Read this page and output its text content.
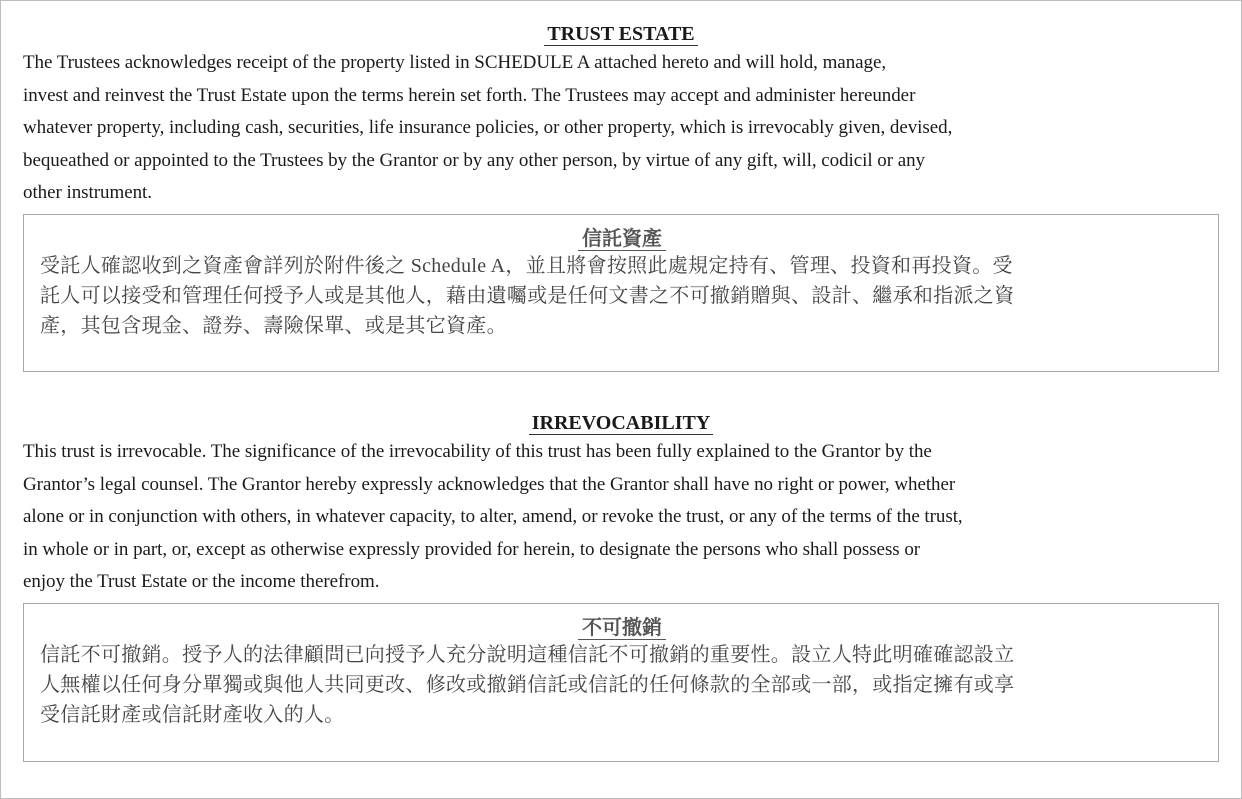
TRUST ESTATE

The Trustees acknowledges receipt of the property listed in SCHEDULE A attached hereto and will hold, manage,
invest and reinvest the Trust Estate upon the terms herein set forth. The Trustees may accept and administer hereunder
whatever property, including cash, securities, life insurance policies, or other property, which is irrevocably given, devised,
bequeathed or appointed to the Trustees by the Grantor or by any other person, by virtue of any gift, will, codicil or any
other instrument.

信託資產

受託人確認收到之資產會詳列於附件後之 Schedule A，並且將會按照此處規定持有、管理、投資和再投資。受
託人可以接受和管理任何授予人或是其他人，藉由遺囑或是任何文書之不可撤銷贈與、設計、繼承和指派之資
產，其包含現金、證券、壽險保單、或是其它資產。

IRREVOCABILITY

This trust is irrevocable. The significance of the irrevocability of this trust has been fully explained to the Grantor by the
Grantor’s legal counsel. The Grantor hereby expressly acknowledges that the Grantor shall have no right or power, whether
alone or in conjunction with others, in whatever capacity, to alter, amend, or revoke the trust, or any of the terms of the trust,
in whole or in part, or, except as otherwise expressly provided for herein, to designate the persons who shall possess or
enjoy the Trust Estate or the income therefrom.

不可撤銷

信託不可撤銷。授予人的法律顧問已向授予人充分說明這種信託不可撤銷的重要性。設立人特此明確確認設立
人無權以任何身分單獨或與他人共同更改、修改或撤銷信託或信託的任何條款的全部或一部，或指定擁有或享
受信託財產或信託財產收入的人。
